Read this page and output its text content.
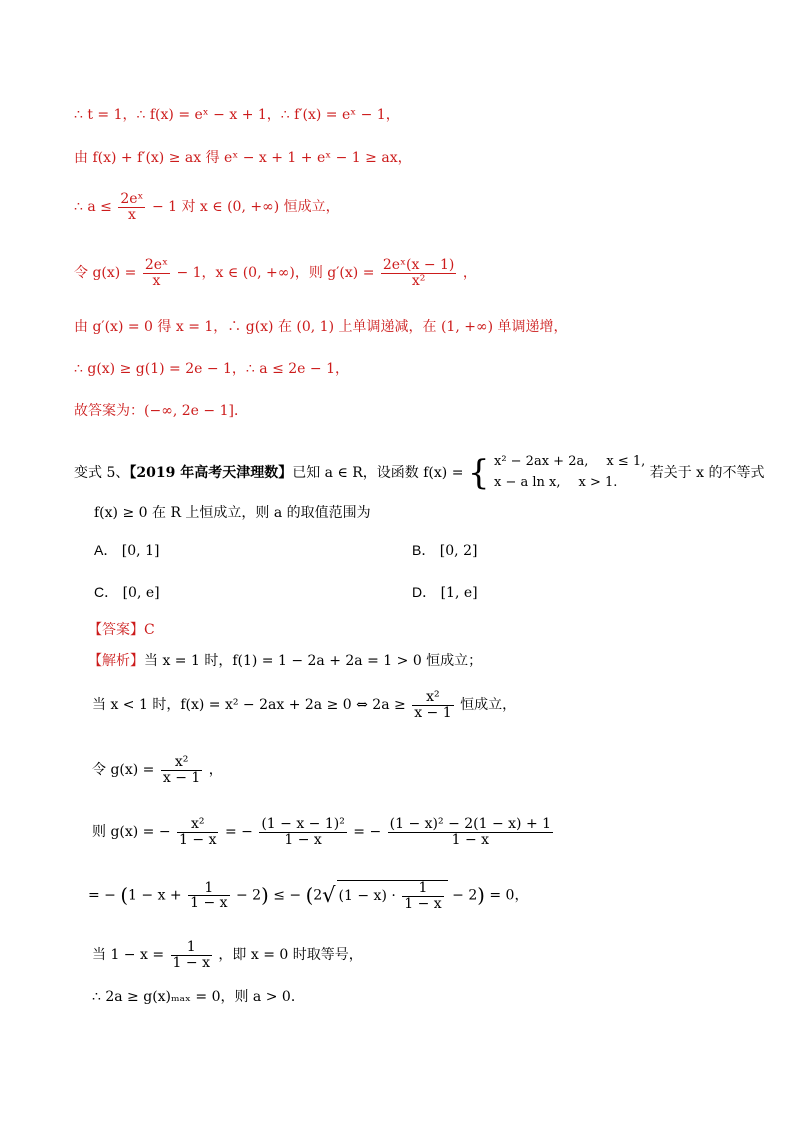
∴ t = 1，∴ f(x) = eˣ − x + 1，∴ f′(x) = eˣ − 1，
由 f(x) + f′(x) ≥ ax 得 eˣ − x + 1 + eˣ − 1 ≥ ax，
∴ $a \le \frac{\text{2eˣ}}{x} - 1$ 对 x ∈ (0, +∞) 恒成立，
令 $g(x) = \frac{\text{2eˣ}}{x} - 1$，x ∈ (0, +∞)，则 $g'(x) = \frac{\text{2eˣ(x − 1)}}{\text{x²}}$ ，
由 g′(x) = 0 得 x = 1，∴ g(x) 在 (0, 1) 上单调递减，在 (1, +∞) 单调递增，
∴ g(x) ≥ g(1) = 2e − 1，∴ a ≤ 2e − 1，
故答案为：(−∞, 2e − 1]．
变式 5、【2019 年高考天津理数】已知 a ∈ R，设函数 f(x) = { x² − 2ax + 2a, x ≤ 1,
x − a ln x, x > 1.
若关于 x 的不等式
f(x) ≥ 0 在 R 上恒成立，则 a 的取值范围为
A． [0, 1]	B． [0, 2]
C． [0, e]	D． [1, e]
【答案】C
【解析】当 x = 1 时，f(1) = 1 − 2a + 2a = 1 > 0 恒成立；
当 x < 1 时，f(x) = x² − 2ax + 2a ≥ 0 ⇔ $2a \ge \frac{\text{x²}}{x - 1}$ 恒成立，
令 $g(x) = \frac{\text{x²}}{x - 1}$ ，
则 g(x) = − $\frac{\text{x²}}{1 - x}$ = − $\frac{\text{(1 − x − 1)²}}{1 - x}$ = − $\frac{\text{(1 − x)² − 2(1 − x) + 1}}{1 - x}$
= − $(1 - x + \frac{1}{1 - x} - 2)$ ≤ − (2√ $(1 - x) \cdot \frac{1}{1 - x} - 2) = 0$，
当 $1 - x = \frac{1}{1 - x}$ ，即 x = 0 时取等号，
∴ 2a ≥ g(x)ₘₐₓ = 0，则 a > 0．
